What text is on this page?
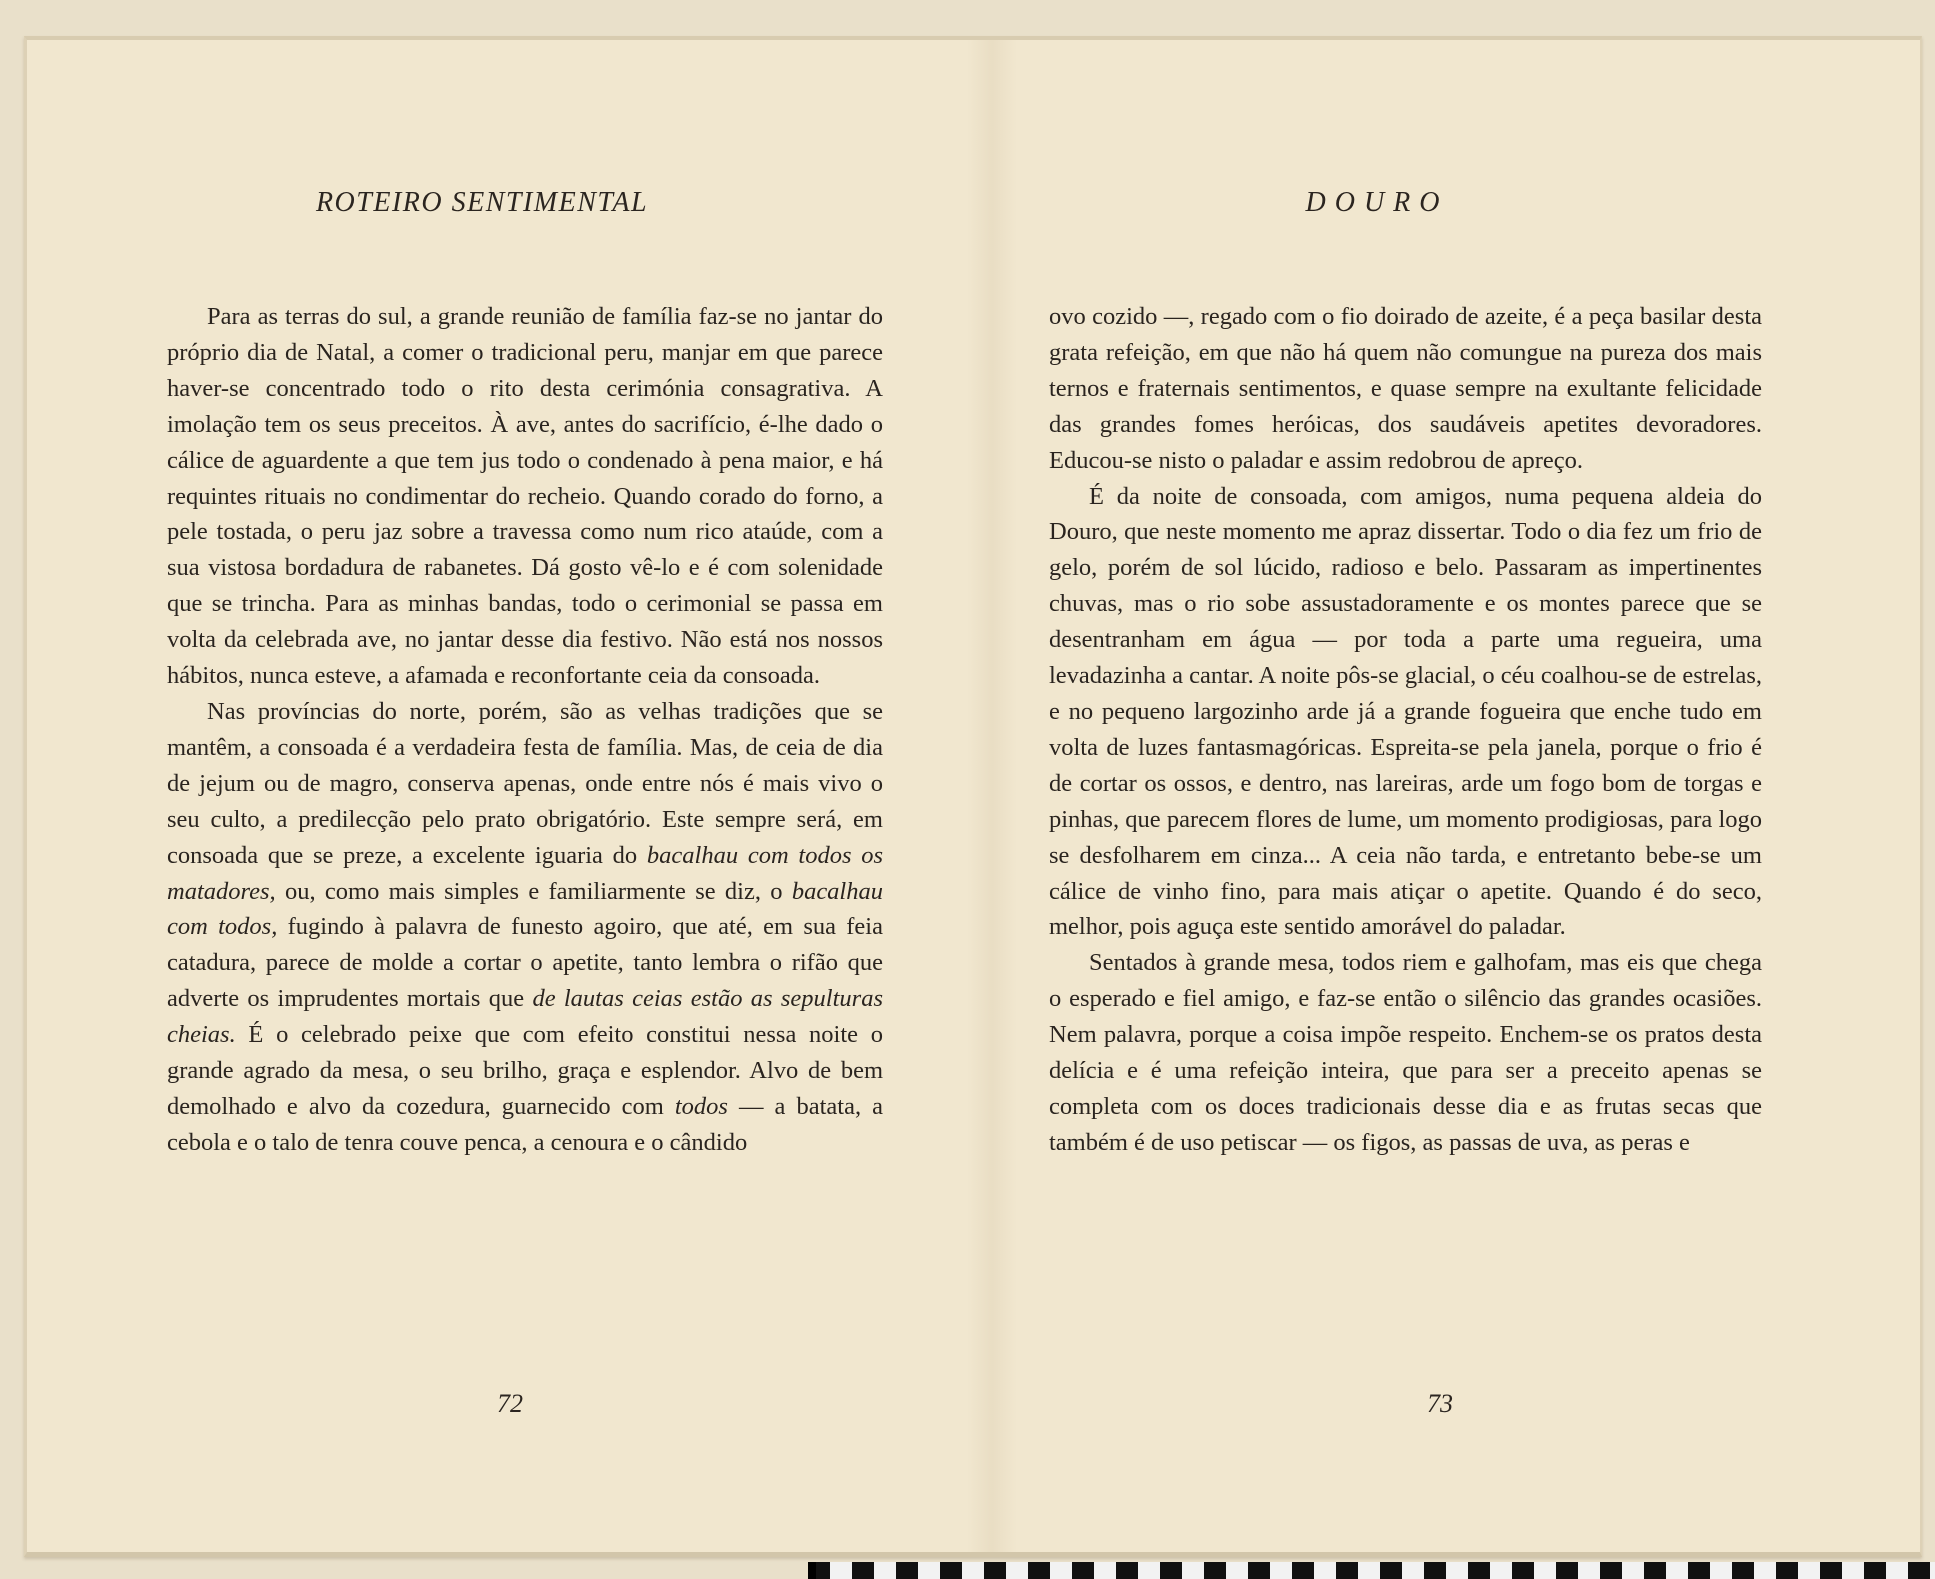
ROTEIRO SENTIMENTAL

Para as terras do sul, a grande reunião de família faz-se no jantar do próprio dia de Natal, a comer o tradicional peru, manjar em que parece haver-se concentrado todo o rito desta cerimónia consagrativa. A imolação tem os seus preceitos. À ave, antes do sacrifício, é-lhe dado o cálice de aguardente a que tem jus todo o condenado à pena maior, e há requintes rituais no condimentar do recheio. Quando corado do forno, a pele tostada, o peru jaz sobre a travessa como num rico ataúde, com a sua vistosa bordadura de rabanetes. Dá gosto vê-lo e é com solenidade que se trincha. Para as minhas bandas, todo o cerimonial se passa em volta da celebrada ave, no jantar desse dia festivo. Não está nos nossos hábitos, nunca esteve, a afamada e reconfortante ceia da consoada.

Nas províncias do norte, porém, são as velhas tradições que se mantêm, a consoada é a verdadeira festa de família. Mas, de ceia de dia de jejum ou de magro, conserva apenas, onde entre nós é mais vivo o seu culto, a predilecção pelo prato obrigatório. Este sempre será, em consoada que se preze, a excelente iguaria do bacalhau com todos os matadores, ou, como mais simples e familiarmente se diz, o bacalhau com todos, fugindo à palavra de funesto agoiro, que até, em sua feia catadura, parece de molde a cortar o apetite, tanto lembra o rifão que adverte os imprudentes mortais que de lautas ceias estão as sepulturas cheias. É o celebrado peixe que com efeito constitui nessa noite o grande agrado da mesa, o seu brilho, graça e esplendor. Alvo de bem demolhado e alvo da cozedura, guarnecido com todos — a batata, a cebola e o talo de tenra couve penca, a cenoura e o cândido

72
DOURO

ovo cozido —, regado com o fio doirado de azeite, é a peça basilar desta grata refeição, em que não há quem não comungue na pureza dos mais ternos e fraternais sentimentos, e quase sempre na exultante felicidade das grandes fomes heróicas, dos saudáveis apetites devoradores. Educou-se nisto o paladar e assim redobrou de apreço.

É da noite de consoada, com amigos, numa pequena aldeia do Douro, que neste momento me apraz dissertar. Todo o dia fez um frio de gelo, porém de sol lúcido, radioso e belo. Passaram as impertinentes chuvas, mas o rio sobe assustadoramente e os montes parece que se desentranham em água — por toda a parte uma regueira, uma levadazinha a cantar. A noite pôs-se glacial, o céu coalhou-se de estrelas, e no pequeno largozinho arde já a grande fogueira que enche tudo em volta de luzes fantasmagóricas. Espreita-se pela janela, porque o frio é de cortar os ossos, e dentro, nas lareiras, arde um fogo bom de torgas e pinhas, que parecem flores de lume, um momento prodigiosas, para logo se desfolharem em cinza... A ceia não tarda, e entretanto bebe-se um cálice de vinho fino, para mais atiçar o apetite. Quando é do seco, melhor, pois aguça este sentido amorável do paladar.

Sentados à grande mesa, todos riem e galhofam, mas eis que chega o esperado e fiel amigo, e faz-se então o silêncio das grandes ocasiões. Nem palavra, porque a coisa impõe respeito. Enchem-se os pratos desta delícia e é uma refeição inteira, que para ser a preceito apenas se completa com os doces tradicionais desse dia e as frutas secas que também é de uso petiscar — os figos, as passas de uva, as peras e

73
